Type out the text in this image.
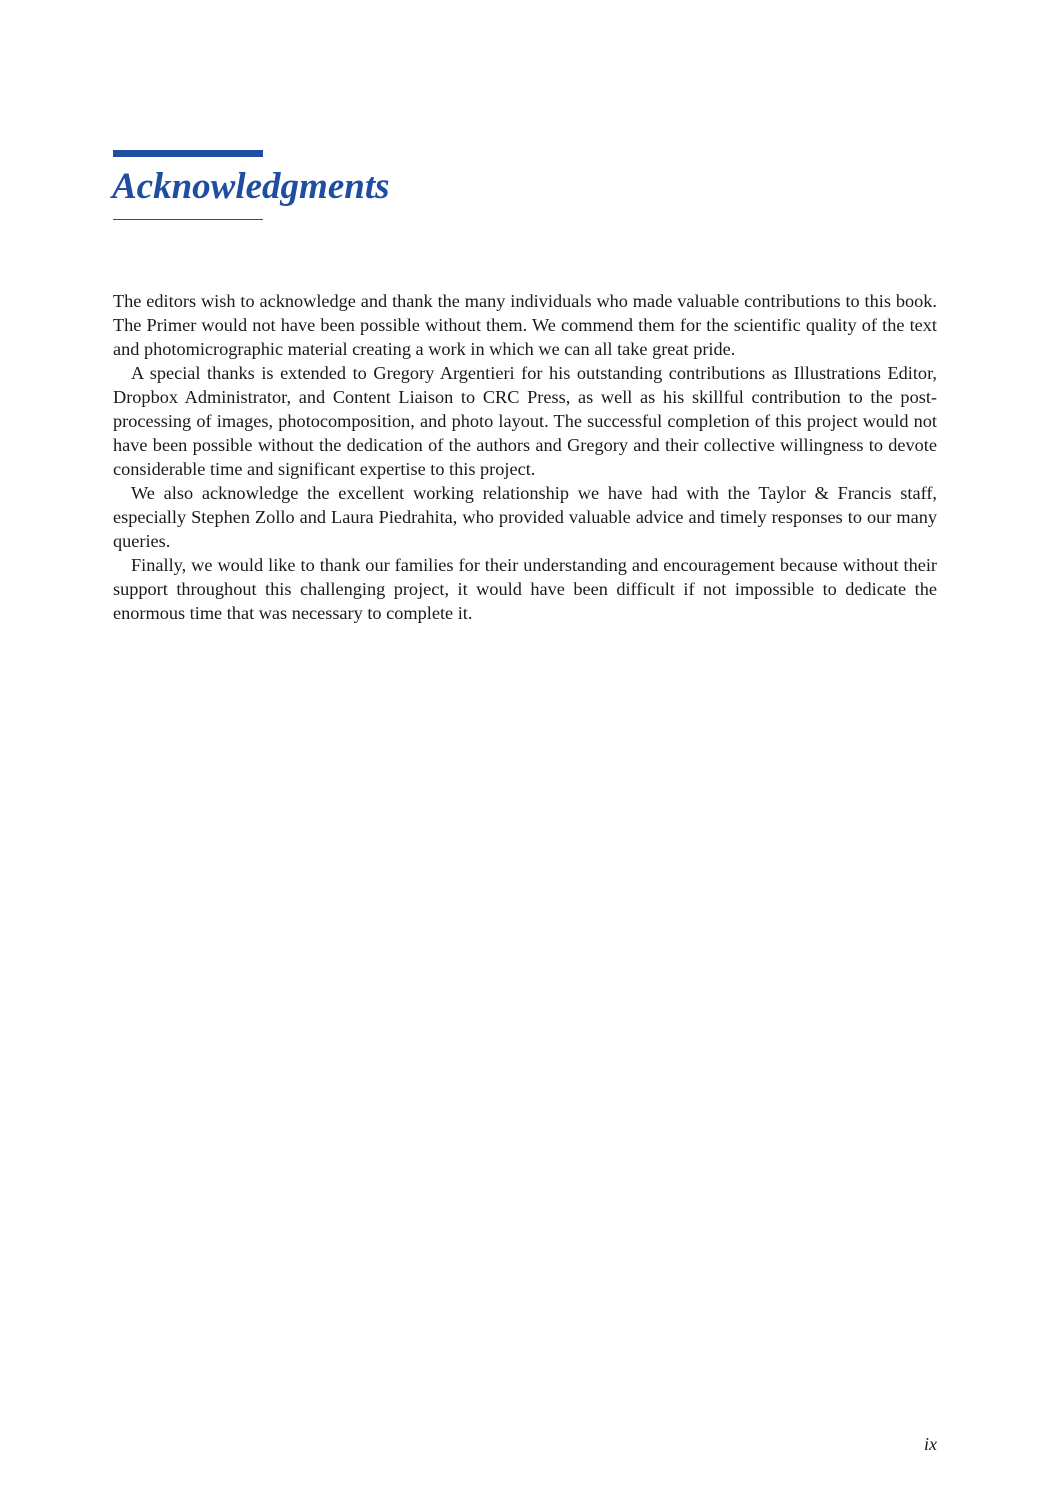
Acknowledgments

The editors wish to acknowledge and thank the many individuals who made valuable contributions to this book. The Primer would not have been possible without them. We commend them for the scientific quality of the text and photomicrographic material creating a work in which we can all take great pride.

A special thanks is extended to Gregory Argentieri for his outstanding contributions as Illustrations Editor, Dropbox Administrator, and Content Liaison to CRC Press, as well as his skillful contribution to the post-processing of images, photocomposition, and photo layout. The successful completion of this project would not have been possible without the dedication of the authors and Gregory and their collective willingness to devote considerable time and significant expertise to this project.

We also acknowledge the excellent working relationship we have had with the Taylor & Francis staff, especially Stephen Zollo and Laura Piedrahita, who provided valuable advice and timely responses to our many queries.

Finally, we would like to thank our families for their understanding and encouragement because without their support throughout this challenging project, it would have been difficult if not impossible to dedicate the enormous time that was necessary to complete it.

ix
